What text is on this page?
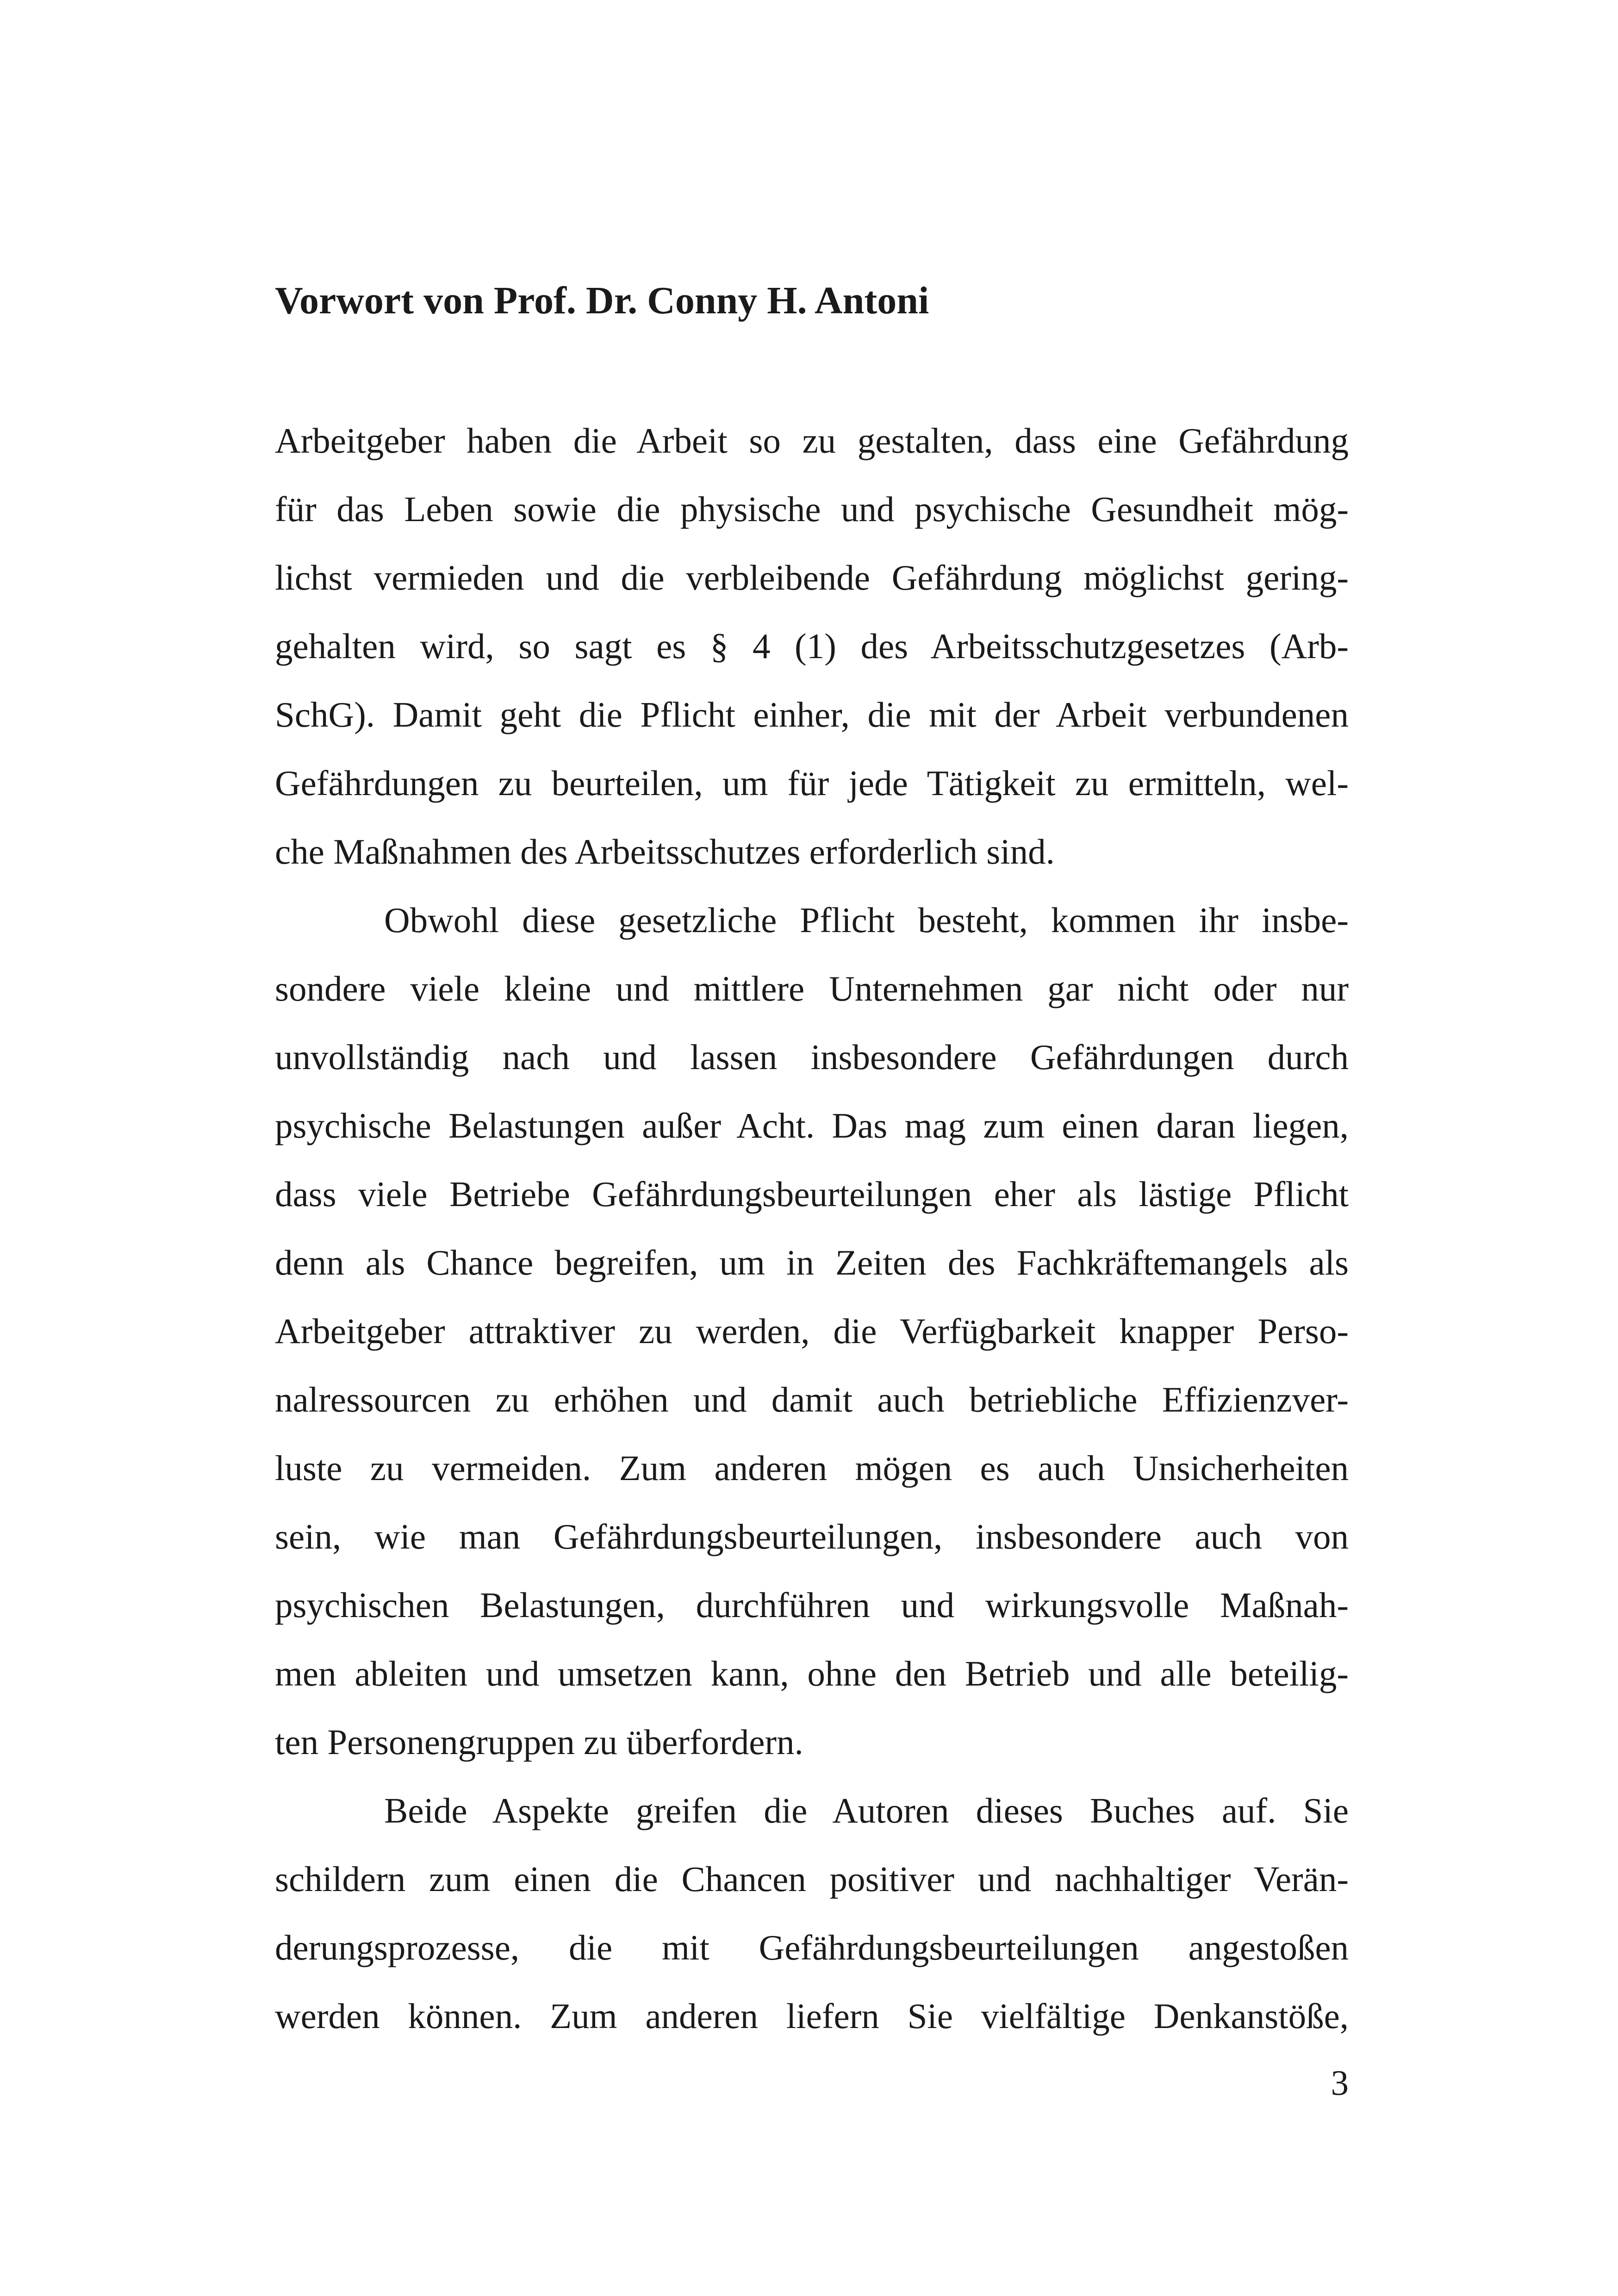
Vorwort von Prof. Dr. Conny H. Antoni
Arbeitgeber haben die Arbeit so zu gestalten, dass eine Gefährdung
für das Leben sowie die physische und psychische Gesundheit mög-
lichst vermieden und die verbleibende Gefährdung möglichst gering-
gehalten wird, so sagt es § 4 (1) des Arbeitsschutzgesetzes (Arb-
SchG). Damit geht die Pflicht einher, die mit der Arbeit verbundenen
Gefährdungen zu beurteilen, um für jede Tätigkeit zu ermitteln, wel-
che Maßnahmen des Arbeitsschutzes erforderlich sind.
Obwohl diese gesetzliche Pflicht besteht, kommen ihr insbe-
sondere viele kleine und mittlere Unternehmen gar nicht oder nur
unvollständig nach und lassen insbesondere Gefährdungen durch
psychische Belastungen außer Acht. Das mag zum einen daran liegen,
dass viele Betriebe Gefährdungsbeurteilungen eher als lästige Pflicht
denn als Chance begreifen, um in Zeiten des Fachkräftemangels als
Arbeitgeber attraktiver zu werden, die Verfügbarkeit knapper Perso-
nalressourcen zu erhöhen und damit auch betriebliche Effizienzver-
luste zu vermeiden. Zum anderen mögen es auch Unsicherheiten
sein, wie man Gefährdungsbeurteilungen, insbesondere auch von
psychischen Belastungen, durchführen und wirkungsvolle Maßnah-
men ableiten und umsetzen kann, ohne den Betrieb und alle beteilig-
ten Personengruppen zu überfordern.
Beide Aspekte greifen die Autoren dieses Buches auf. Sie
schildern zum einen die Chancen positiver und nachhaltiger Verän-
derungsprozesse, die mit Gefährdungsbeurteilungen angestoßen
werden können. Zum anderen liefern Sie vielfältige Denkanstöße,
3
